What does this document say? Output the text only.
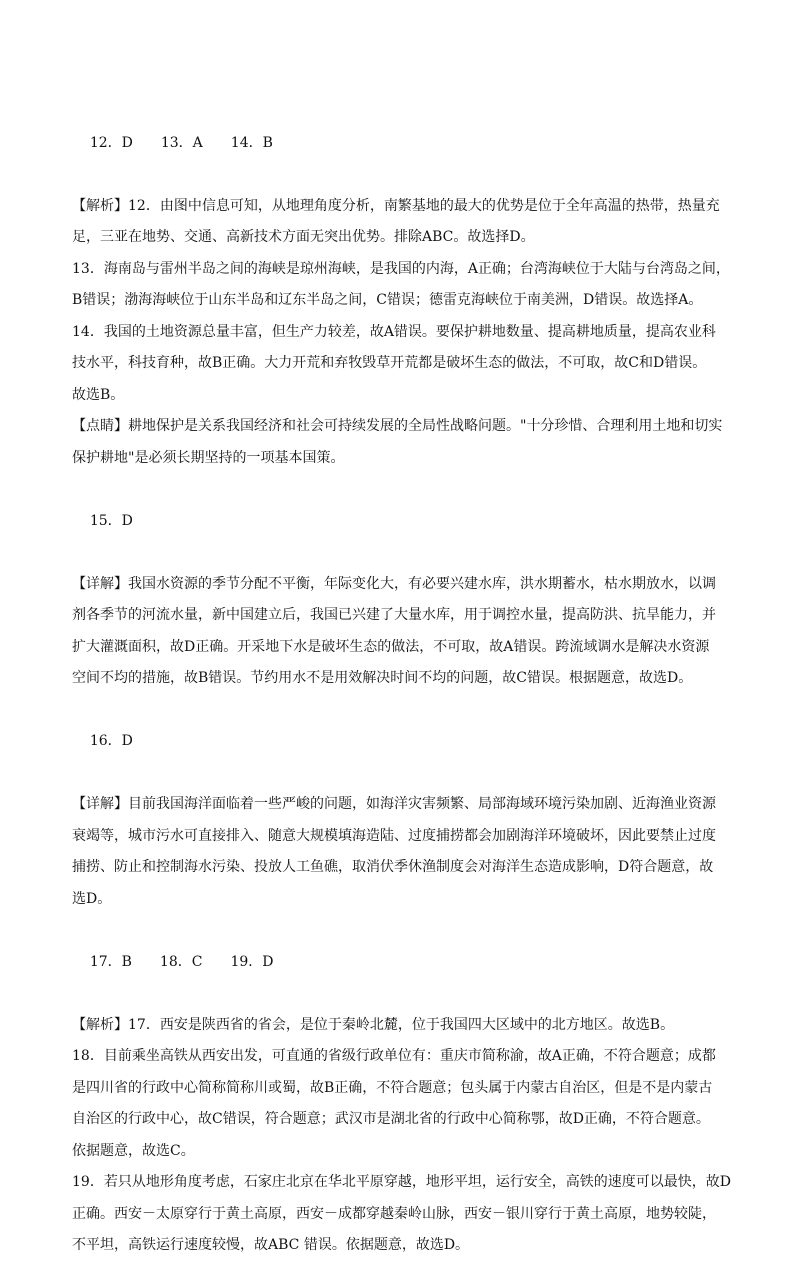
12．D 13．A 14．B

【解析】12．由图中信息可知，从地理角度分析，南繁基地的最大的优势是位于全年高温的热带，热量充
足，三亚在地势、交通、高新技术方面无突出优势。排除ABC。故选择D。
13．海南岛与雷州半岛之间的海峡是琼州海峡，是我国的内海，A正确；台湾海峡位于大陆与台湾岛之间，
B错误；渤海海峡位于山东半岛和辽东半岛之间，C错误；德雷克海峡位于南美洲，D错误。故选择A。
14．我国的土地资源总量丰富，但生产力较差，故A错误。要保护耕地数量、提高耕地质量，提高农业科
技水平，科技育种，故B正确。大力开荒和弃牧毁草开荒都是破坏生态的做法，不可取，故C和D错误。
故选B。
【点睛】耕地保护是关系我国经济和社会可持续发展的全局性战略问题。"十分珍惜、合理利用土地和切实
保护耕地"是必须长期坚持的一项基本国策。

15．D

【详解】我国水资源的季节分配不平衡，年际变化大，有必要兴建水库，洪水期蓄水，枯水期放水，以调
剂各季节的河流水量，新中国建立后，我国已兴建了大量水库，用于调控水量，提高防洪、抗旱能力，并
扩大灌溉面积，故D正确。开采地下水是破坏生态的做法，不可取，故A错误。跨流域调水是解决水资源
空间不均的措施，故B错误。节约用水不是用效解决时间不均的问题，故C错误。根据题意，故选D。

16．D

【详解】目前我国海洋面临着一些严峻的问题，如海洋灾害频繁、局部海域环境污染加剧、近海渔业资源
衰竭等，城市污水可直接排入、随意大规模填海造陆、过度捕捞都会加剧海洋环境破坏，因此要禁止过度
捕捞、防止和控制海水污染、投放人工鱼礁，取消伏季休渔制度会对海洋生态造成影响，D符合题意，故
选D。

17．B 18．C 19．D

【解析】17．西安是陕西省的省会，是位于秦岭北麓，位于我国四大区域中的北方地区。故选B。
18．目前乘坐高铁从西安出发，可直通的省级行政单位有：重庆市简称渝，故A正确，不符合题意；成都
是四川省的行政中心简称简称川或蜀，故B正确，不符合题意；包头属于内蒙古自治区，但是不是内蒙古
自治区的行政中心，故C错误，符合题意；武汉市是湖北省的行政中心简称鄂，故D正确，不符合题意。
依据题意，故选C。
19．若只从地形角度考虑，石家庄北京在华北平原穿越，地形平坦，运行安全，高铁的速度可以最快，故D
正确。西安－太原穿行于黄土高原，西安－成都穿越秦岭山脉，西安－银川穿行于黄土高原，地势较陡，
不平坦，高铁运行速度较慢，故ABC 错误。依据题意，故选D。
